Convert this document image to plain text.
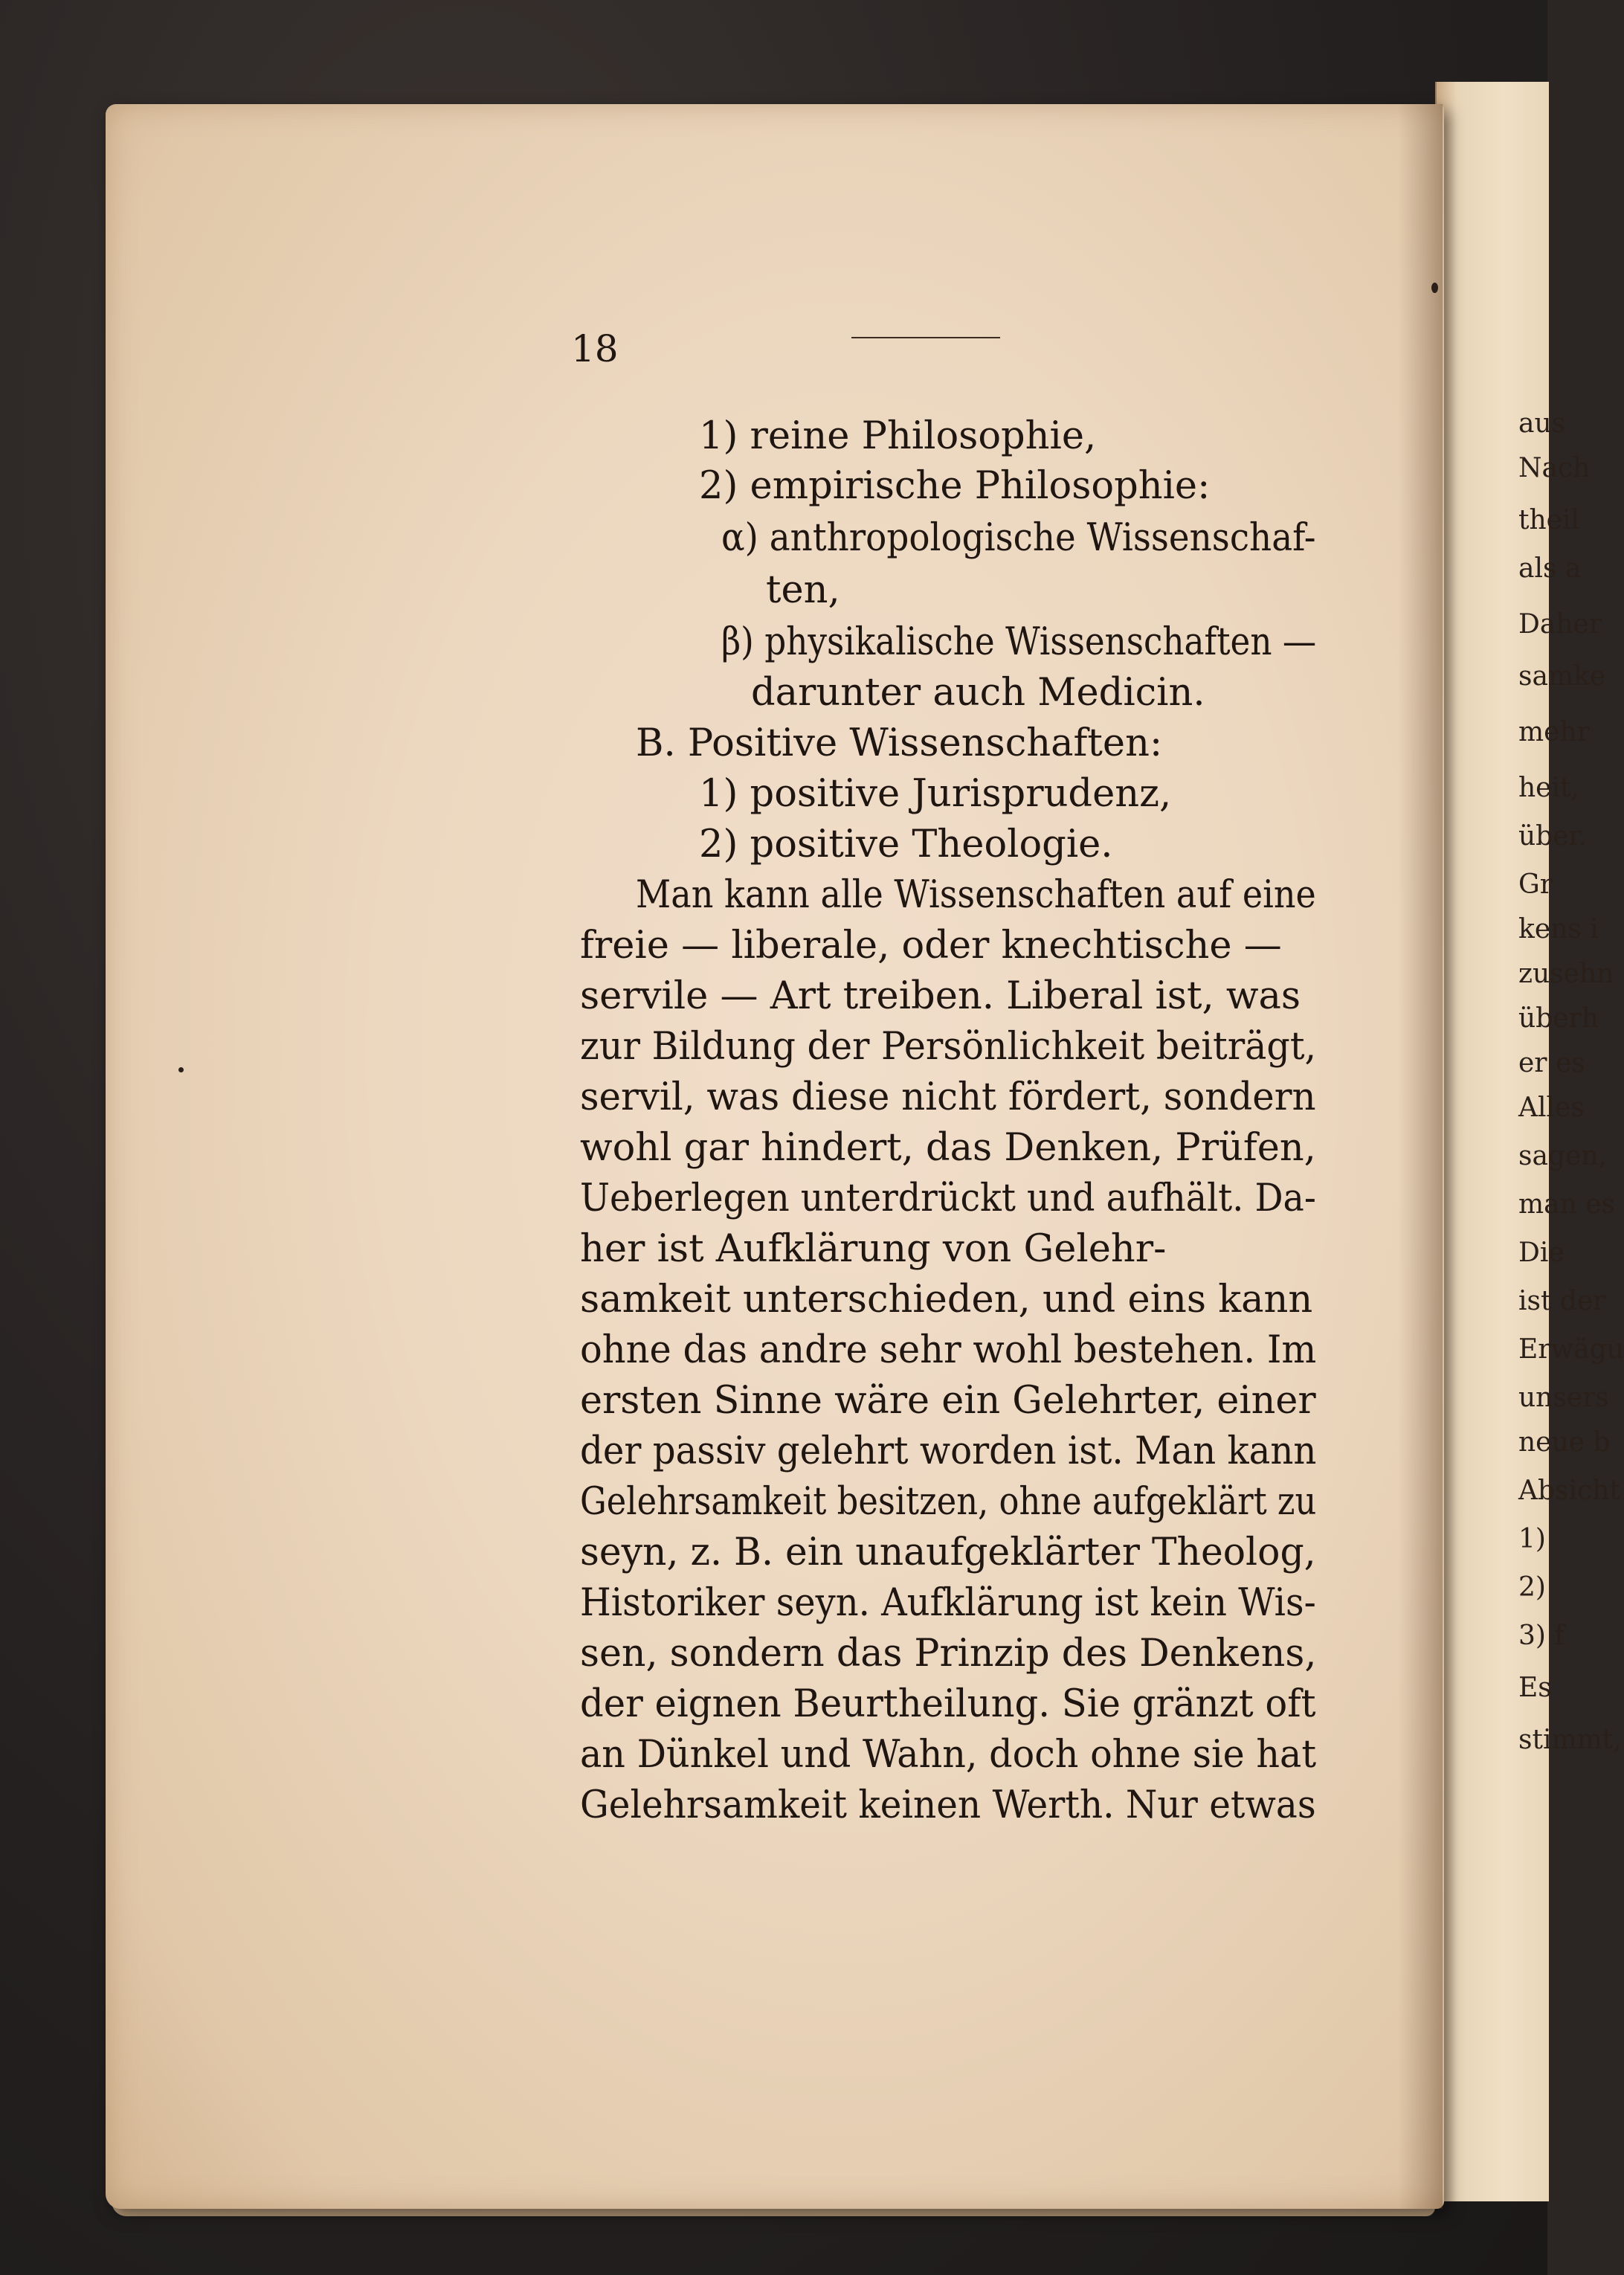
aus
Nach
theil
als a
Daher
samke
mehr
heit,
über.
Gr
kens i
zusehn
überh
er es
Alles
sagen,
man es
Die
ist der
Erwägu
unsers
neue b
Absicht
1)
2)
3) f
Es
stimmt,
18
1) reine Philosophie,
2) empirische Philosophie:
α) anthropologische Wissenschaf-
ten,
β) physikalische Wissenschaften —
darunter auch Medicin.
B. Positive Wissenschaften:
1) positive Jurisprudenz,
2) positive Theologie.
Man kann alle Wissenschaften auf eine
freie — liberale, oder knechtische —
servile — Art treiben. Liberal ist, was
zur Bildung der Persönlichkeit beiträgt,
servil, was diese nicht fördert, sondern
wohl gar hindert, das Denken, Prüfen,
Ueberlegen unterdrückt und aufhält. Da-
her ist Aufklärung von Gelehr-
samkeit unterschieden, und eins kann
ohne das andre sehr wohl bestehen. Im
ersten Sinne wäre ein Gelehrter, einer
der passiv gelehrt worden ist. Man kann
Gelehrsamkeit besitzen, ohne aufgeklärt zu
seyn, z. B. ein unaufgeklärter Theolog,
Historiker seyn. Aufklärung ist kein Wis-
sen, sondern das Prinzip des Denkens,
der eignen Beurtheilung. Sie gränzt oft
an Dünkel und Wahn, doch ohne sie hat
Gelehrsamkeit keinen Werth. Nur etwas
